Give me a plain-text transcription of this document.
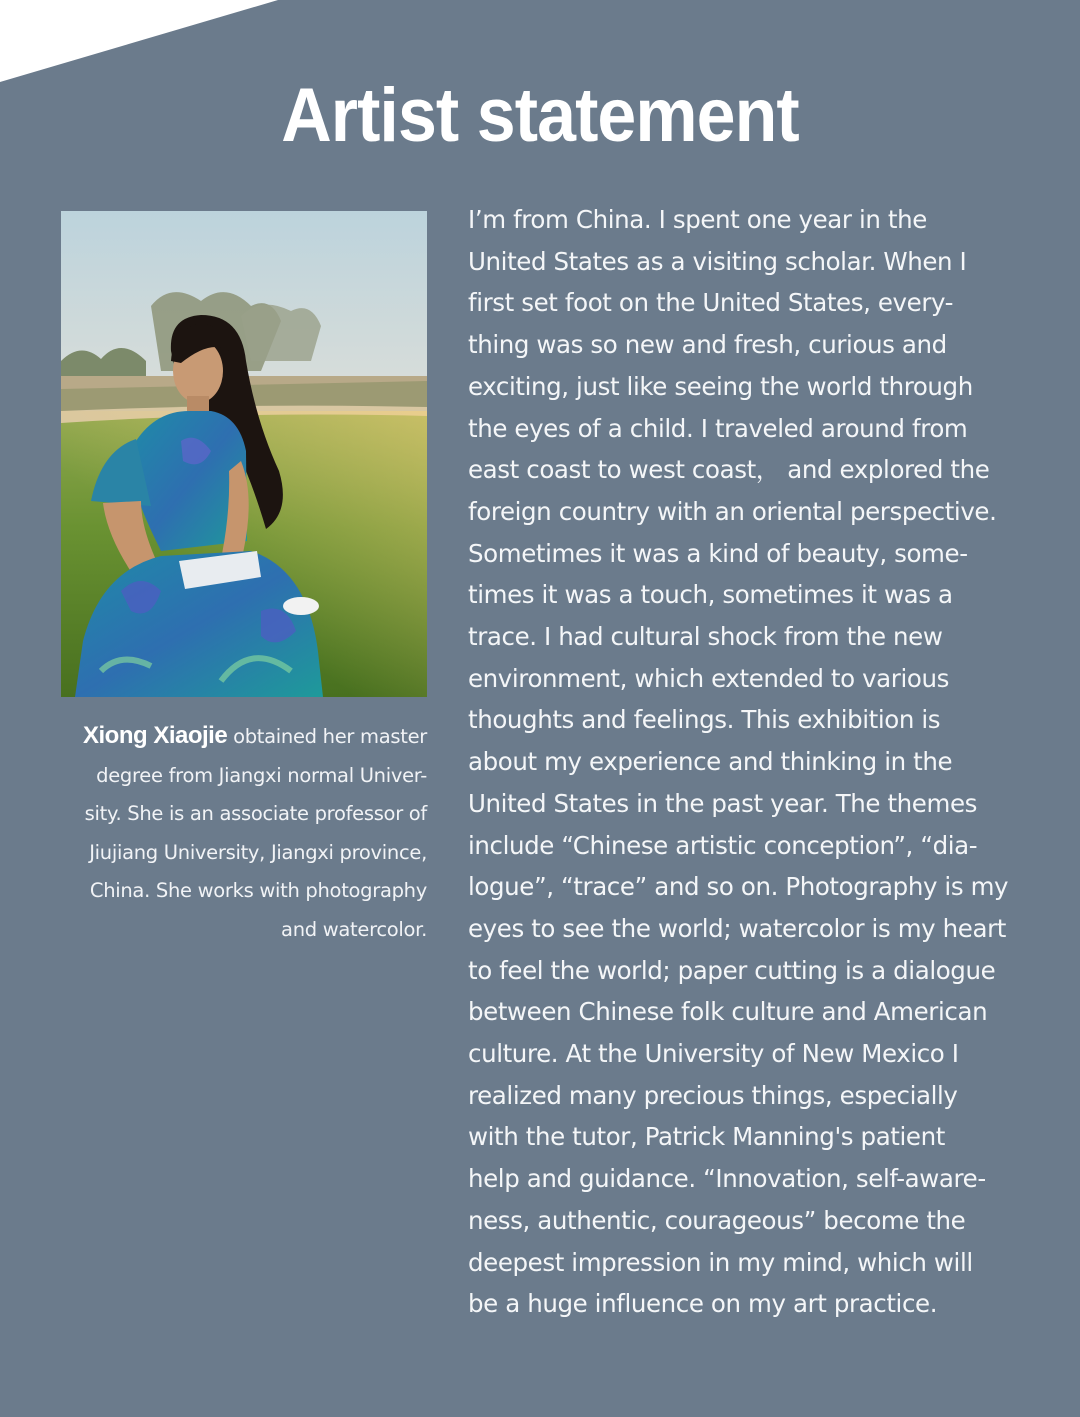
Artist statement
Xiong Xiaojie obtained her master
degree from Jiangxi normal Univer-
sity. She is an associate professor of
Jiujiang University, Jiangxi province,
China. She works with photography
and watercolor.
I’m from China. I spent one year in the
United States as a visiting scholar. When I
first set foot on the United States, every-
thing was so new and fresh, curious and
exciting, just like seeing the world through
the eyes of a child. I traveled around from
east coast to west coast， and explored the
foreign country with an oriental perspective.
Sometimes it was a kind of beauty, some-
times it was a touch, sometimes it was a
trace. I had cultural shock from the new
environment, which extended to various
thoughts and feelings. This exhibition is
about my experience and thinking in the
United States in the past year. The themes
include “Chinese artistic conception”, “dia-
logue”, “trace” and so on. Photography is my
eyes to see the world; watercolor is my heart
to feel the world; paper cutting is a dialogue
between Chinese folk culture and American
culture. At the University of New Mexico I
realized many precious things, especially
with the tutor, Patrick Manning's patient
help and guidance. “Innovation, self-aware-
ness, authentic, courageous” become the
deepest impression in my mind, which will
be a huge influence on my art practice.
